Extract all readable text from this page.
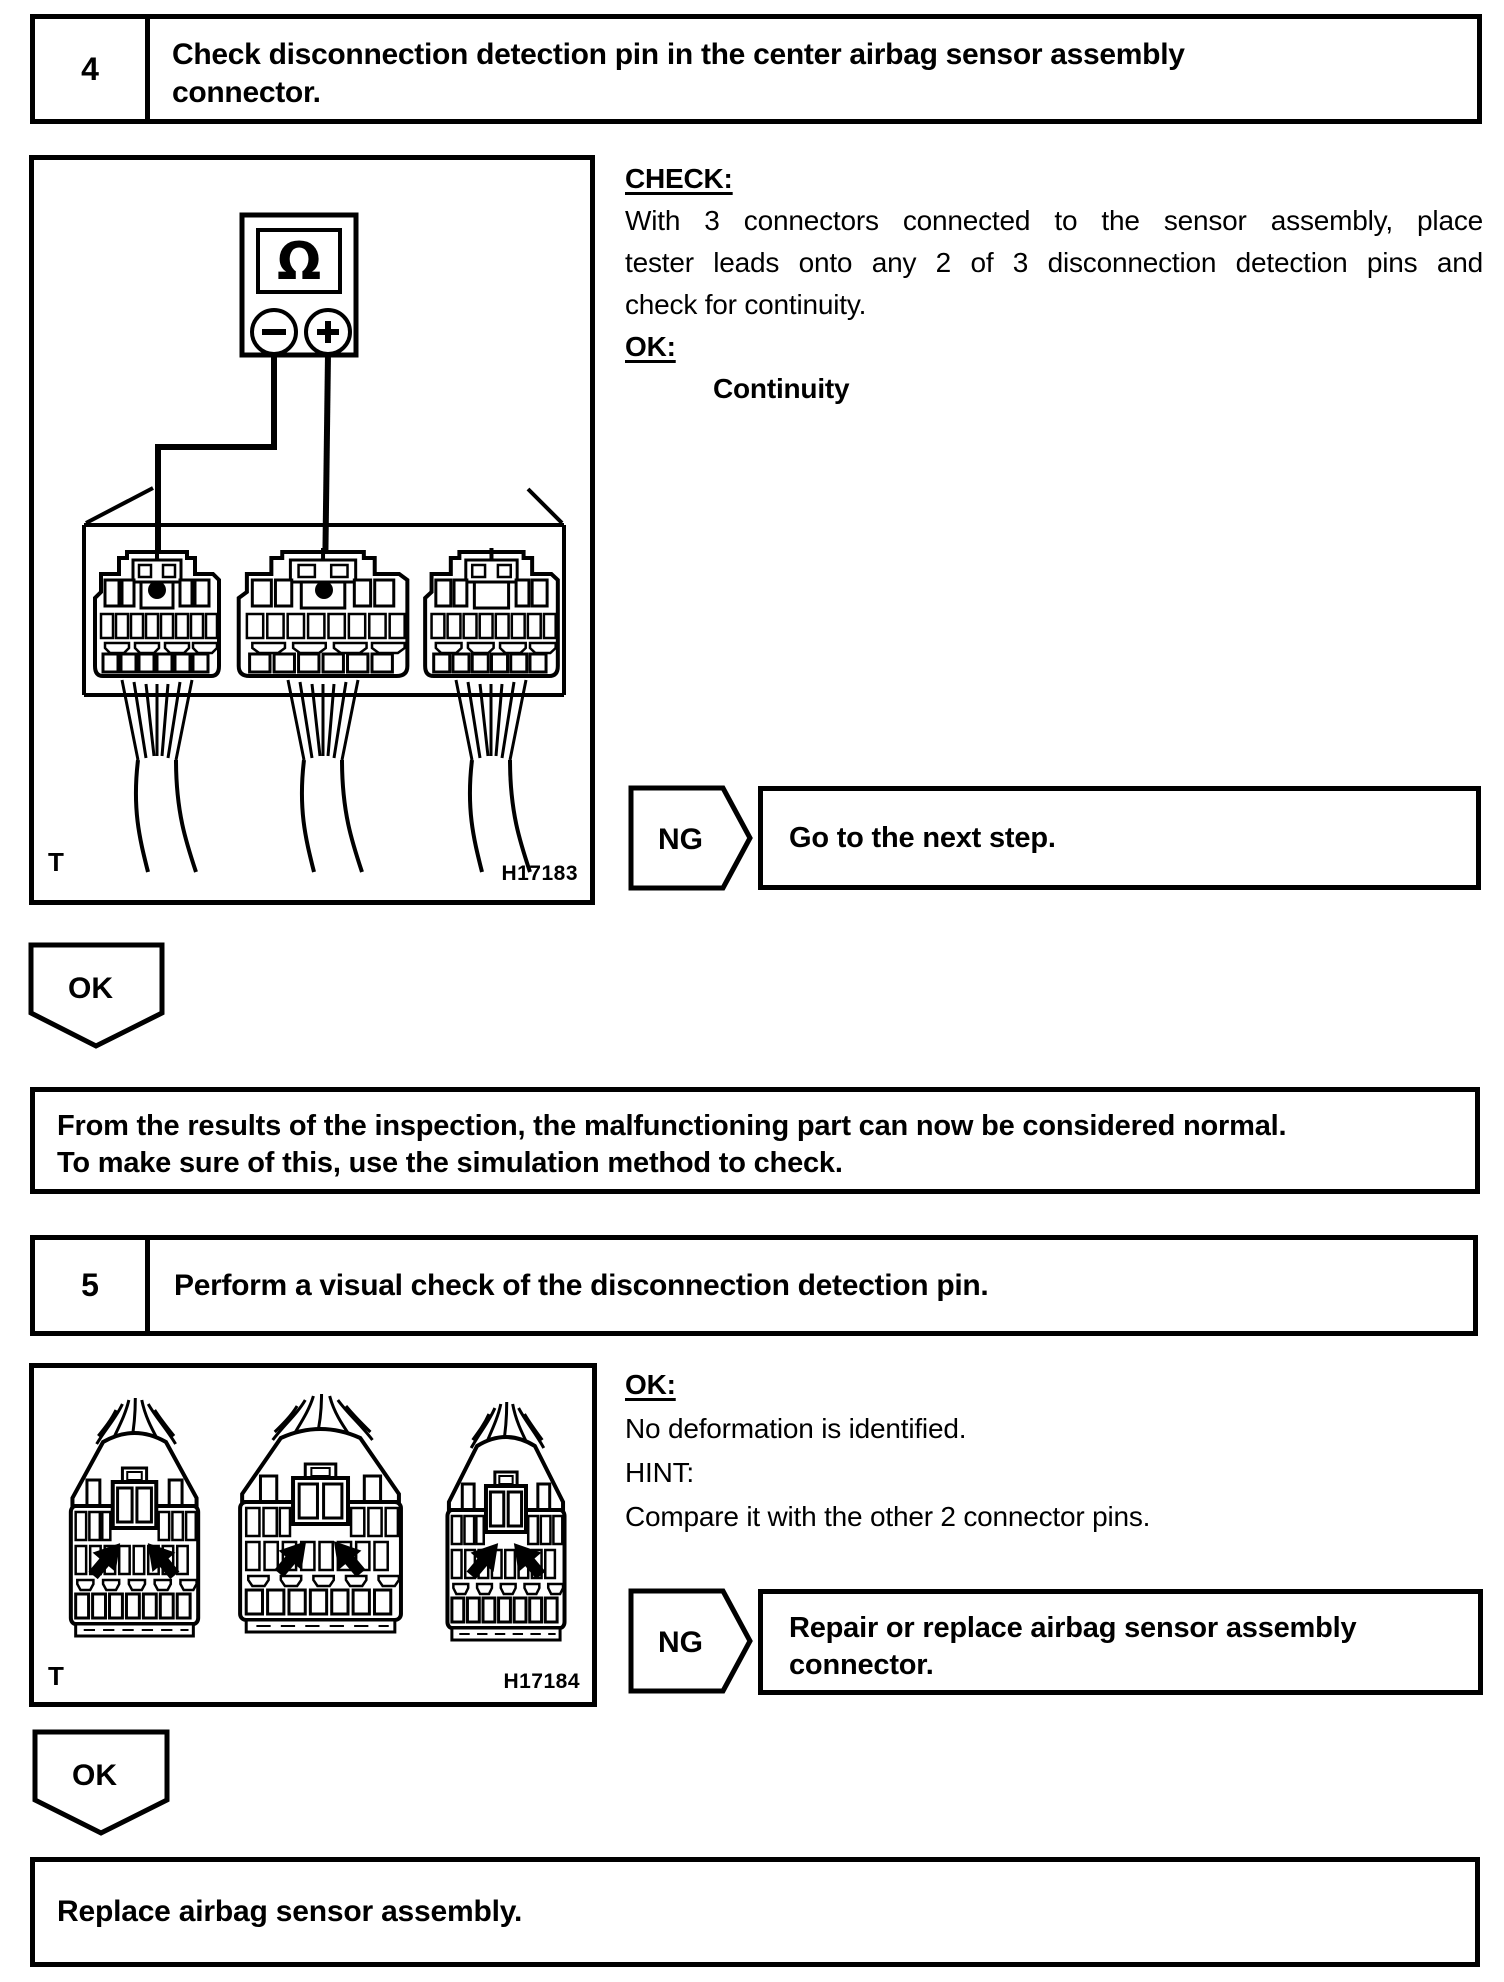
4	Check disconnection detection pin in the center airbag sensor assembly
connector.
Ω
T	H17183
CHECK:
With 3 connectors connected to the sensor assembly, place
tester leads onto any 2 of 3 disconnection detection pins and
check for continuity.
OK:
Continuity
NG	Go to the next step.
OK
From the results of the inspection, the malfunctioning part can now be considered normal.
To make sure of this, use the simulation method to check.
5	Perform a visual check of the disconnection detection pin.
T	H17184
OK:
No deformation is identified.
HINT:
Compare it with the other 2 connector pins.
NG	Repair or replace airbag sensor assembly
connector.
OK
Replace airbag sensor assembly.
